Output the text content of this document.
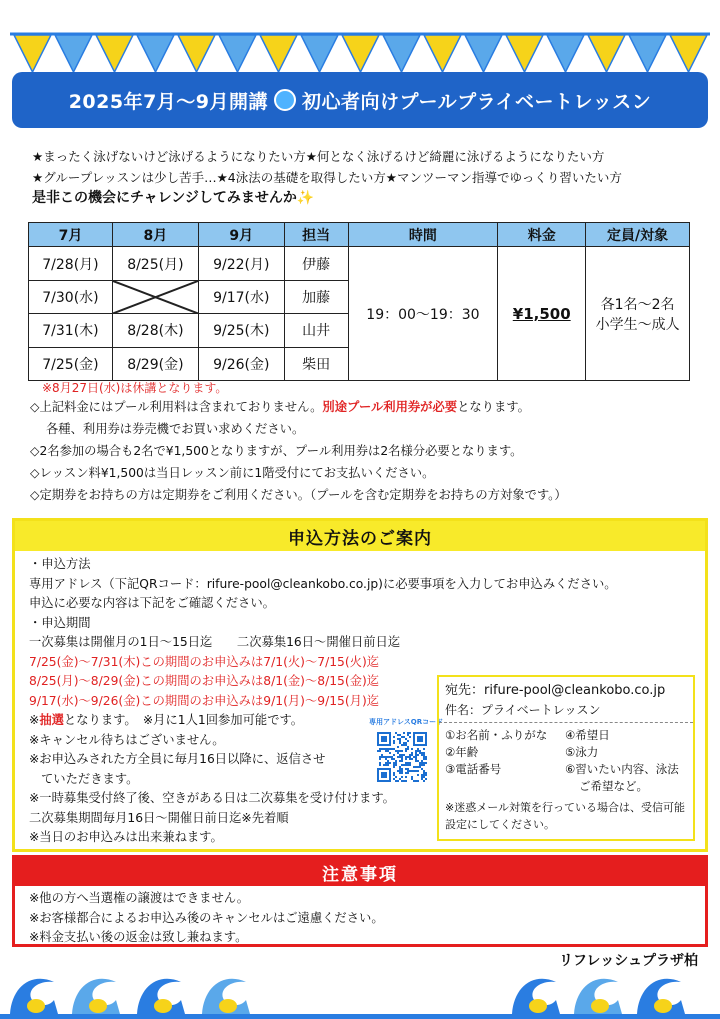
2025年7月～9月開講 初心者向けプールプライベートレッスン
★まったく泳げないけど泳げるようになりたい方★何となく泳げるけど綺麗に泳げるようになりたい方
★グループレッスンは少し苦手…★4泳法の基礎を取得したい方★マンツーマン指導でゆっくり習いたい方
是非この機会にチャレンジしてみませんか✨
7月	8月	9月	担当	時間	料金	定員/対象
7/28(月)	8/25(月)	9/22(月)	伊藤	19：00～19：30	¥1,500	各1名～2名
小学生～成人

7/30(水)		9/17(水)	加藤			
7/31(木)	8/28(木)	9/25(木)	山井			
7/25(金)	8/29(金)	9/26(金)	柴田			
※8月27日(水)は休講となります。
◇上記料金にはプール利用料は含まれておりません。別途プール利用券が必要となります。
各種、利用券は券売機でお買い求めください。
◇2名参加の場合も2名で¥1,500となりますが、プール利用券は2名様分必要となります。
◇レッスン料¥1,500は当日レッスン前に1階受付にてお支払いください。
◇定期券をお持ちの方は定期券をご利用ください。（プールを含む定期券をお持ちの方対象です。）
申込方法のご案内
・申込方法
専用アドレス（下記QRコード：rifure-pool@cleankobo.co.jp)に必要事項を入力してお申込みください。
申込に必要な内容は下記をご確認ください。
・申込期間
一次募集は開催月の1日～15日迄　　二次募集16日～開催日前日迄
7/25(金)～7/31(木)この期間のお申込みは7/1(火)～7/15(火)迄
8/25(月)～8/29(金)この期間のお申込みは8/1(金)～8/15(金)迄
9/17(水)～9/26(金)この期間のお申込みは9/1(月)～9/15(月)迄
※抽選となります。　※月に1人1回参加可能です。
※キャンセル待ちはございません。
※お申込みされた方全員に毎月16日以降に、返信させ
ていただきます。
※一時募集受付終了後、空きがある日は二次募集を受け付けます。
二次募集期間毎月16日～開催日前日迄※先着順
※当日のお申込みは出来兼ねます。
専用アドレスQRコード
宛先：rifure-pool@cleankobo.co.jp
件名：プライベートレッスン
①お名前・ふりがな	④希望日
②年齢	⑤泳力
③電話番号	⑥習いたい内容、泳法
ご希望など。
※迷惑メール対策を行っている場合は、受信可能設定にしてください。
注意事項
※他の方へ当選権の譲渡はできません。
※お客様都合によるお申込み後のキャンセルはご遠慮ください。
※料金支払い後の返金は致し兼ねます。
リフレッシュプラザ柏
